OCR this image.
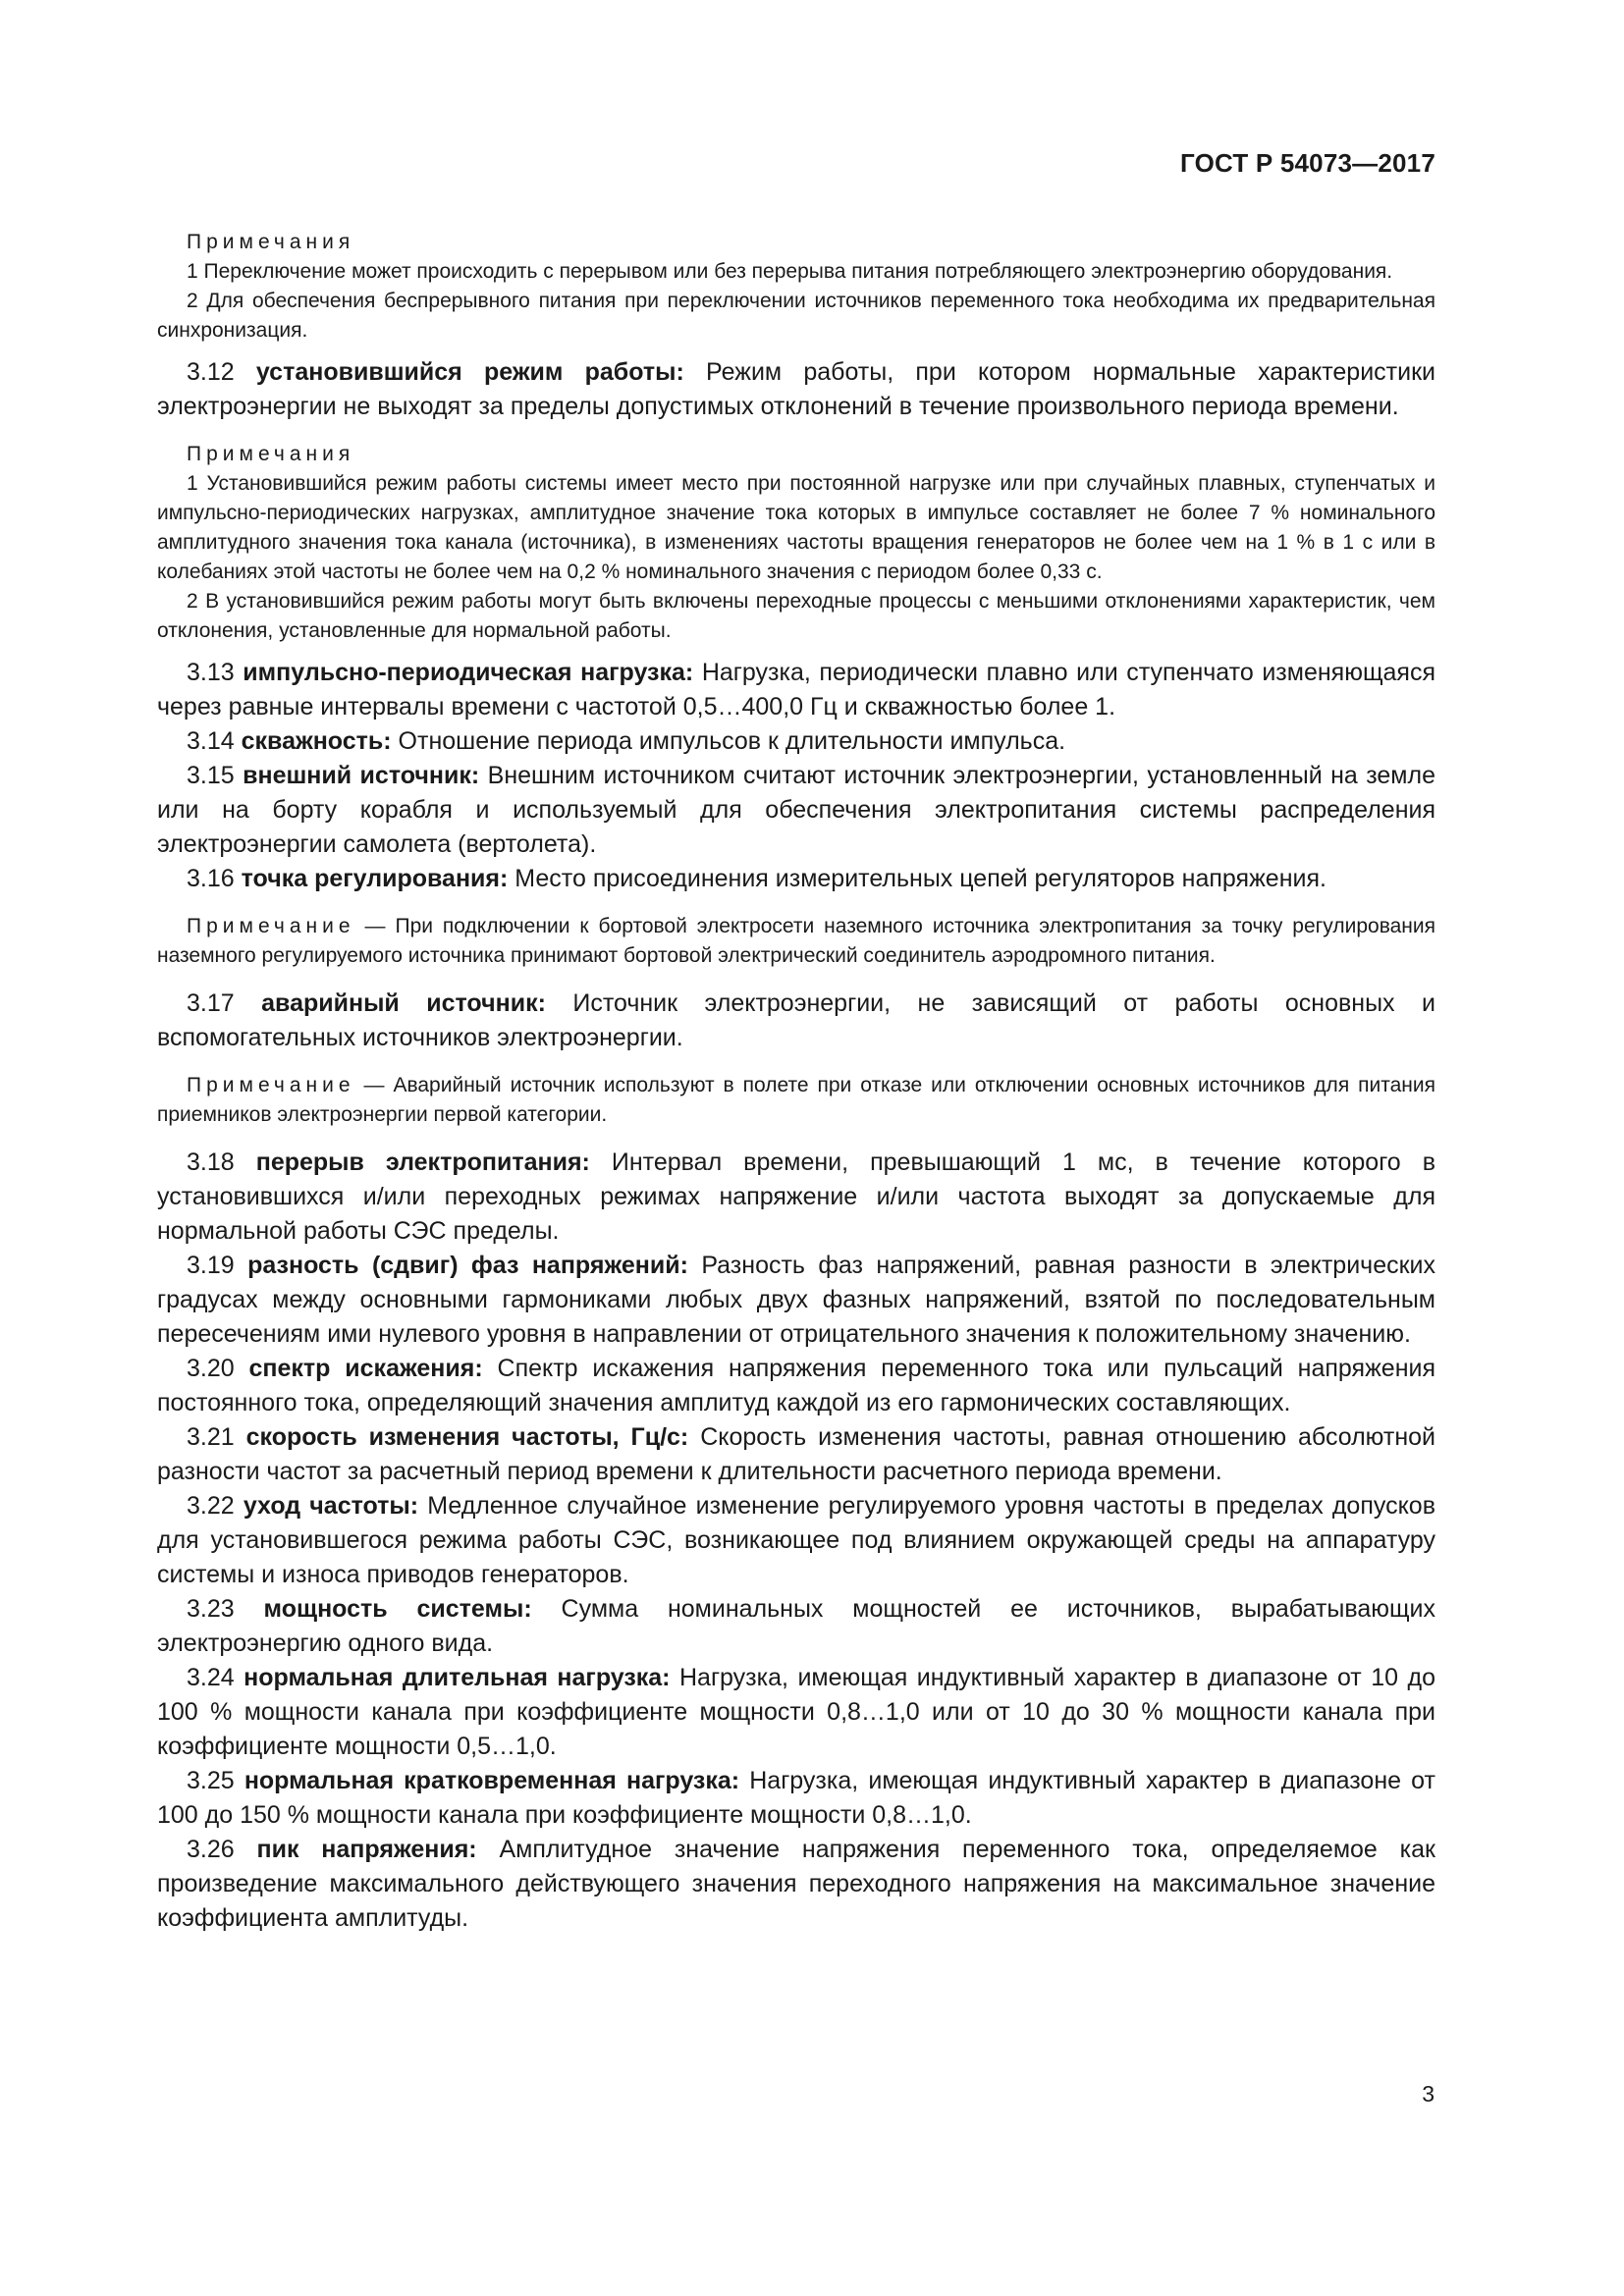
ГОСТ Р 54073—2017
Примечания

1 Переключение может происходить с перерывом или без перерыва питания потребляющего электроэнергию оборудования.

2 Для обеспечения беспрерывного питания при переключении источников переменного тока необходима их предварительная синхронизация.

3.12 установившийся режим работы: Режим работы, при котором нормальные характеристики электроэнергии не выходят за пределы допустимых отклонений в течение произвольного периода времени.

Примечания

1 Установившийся режим работы системы имеет место при постоянной нагрузке или при случайных плавных, ступенчатых и импульсно-периодических нагрузках, амплитудное значение тока которых в импульсе составляет не более 7 % номинального амплитудного значения тока канала (источника), в изменениях частоты вращения генераторов не более чем на 1 % в 1 с или в колебаниях этой частоты не более чем на 0,2 % номинального значения с периодом более 0,33 с.

2 В установившийся режим работы могут быть включены переходные процессы с меньшими отклонениями характеристик, чем отклонения, установленные для нормальной работы.

3.13 импульсно-периодическая нагрузка: Нагрузка, периодически плавно или ступенчато изменяющаяся через равные интервалы времени с частотой 0,5…400,0 Гц и скважностью более 1.

3.14 скважность: Отношение периода импульсов к длительности импульса.

3.15 внешний источник: Внешним источником считают источник электроэнергии, установленный на земле или на борту корабля и используемый для обеспечения электропитания системы распределения электроэнергии самолета (вертолета).

3.16 точка регулирования: Место присоединения измерительных цепей регуляторов напряжения.

Примечание — При подключении к бортовой электросети наземного источника электропитания за точку регулирования наземного регулируемого источника принимают бортовой электрический соединитель аэродромного питания.

3.17 аварийный источник: Источник электроэнергии, не зависящий от работы основных и вспомогательных источников электроэнергии.

Примечание — Аварийный источник используют в полете при отказе или отключении основных источников для питания приемников электроэнергии первой категории.

3.18 перерыв электропитания: Интервал времени, превышающий 1 мс, в течение которого в установившихся и/или переходных режимах напряжение и/или частота выходят за допускаемые для нормальной работы СЭС пределы.

3.19 разность (сдвиг) фаз напряжений: Разность фаз напряжений, равная разности в электрических градусах между основными гармониками любых двух фазных напряжений, взятой по последовательным пересечениям ими нулевого уровня в направлении от отрицательного значения к положительному значению.

3.20 спектр искажения: Спектр искажения напряжения переменного тока или пульсаций напряжения постоянного тока, определяющий значения амплитуд каждой из его гармонических составляющих.

3.21 скорость изменения частоты, Гц/с: Скорость изменения частоты, равная отношению абсолютной разности частот за расчетный период времени к длительности расчетного периода времени.

3.22 уход частоты: Медленное случайное изменение регулируемого уровня частоты в пределах допусков для установившегося режима работы СЭС, возникающее под влиянием окружающей среды на аппаратуру системы и износа приводов генераторов.

3.23 мощность системы: Сумма номинальных мощностей ее источников, вырабатывающих электроэнергию одного вида.

3.24 нормальная длительная нагрузка: Нагрузка, имеющая индуктивный характер в диапазоне от 10 до 100 % мощности канала при коэффициенте мощности 0,8…1,0 или от 10 до 30 % мощности канала при коэффициенте мощности 0,5…1,0.

3.25 нормальная кратковременная нагрузка: Нагрузка, имеющая индуктивный характер в диапазоне от 100 до 150 % мощности канала при коэффициенте мощности 0,8…1,0.

3.26 пик напряжения: Амплитудное значение напряжения переменного тока, определяемое как произведение максимального действующего значения переходного напряжения на максимальное значение коэффициента амплитуды.

3
